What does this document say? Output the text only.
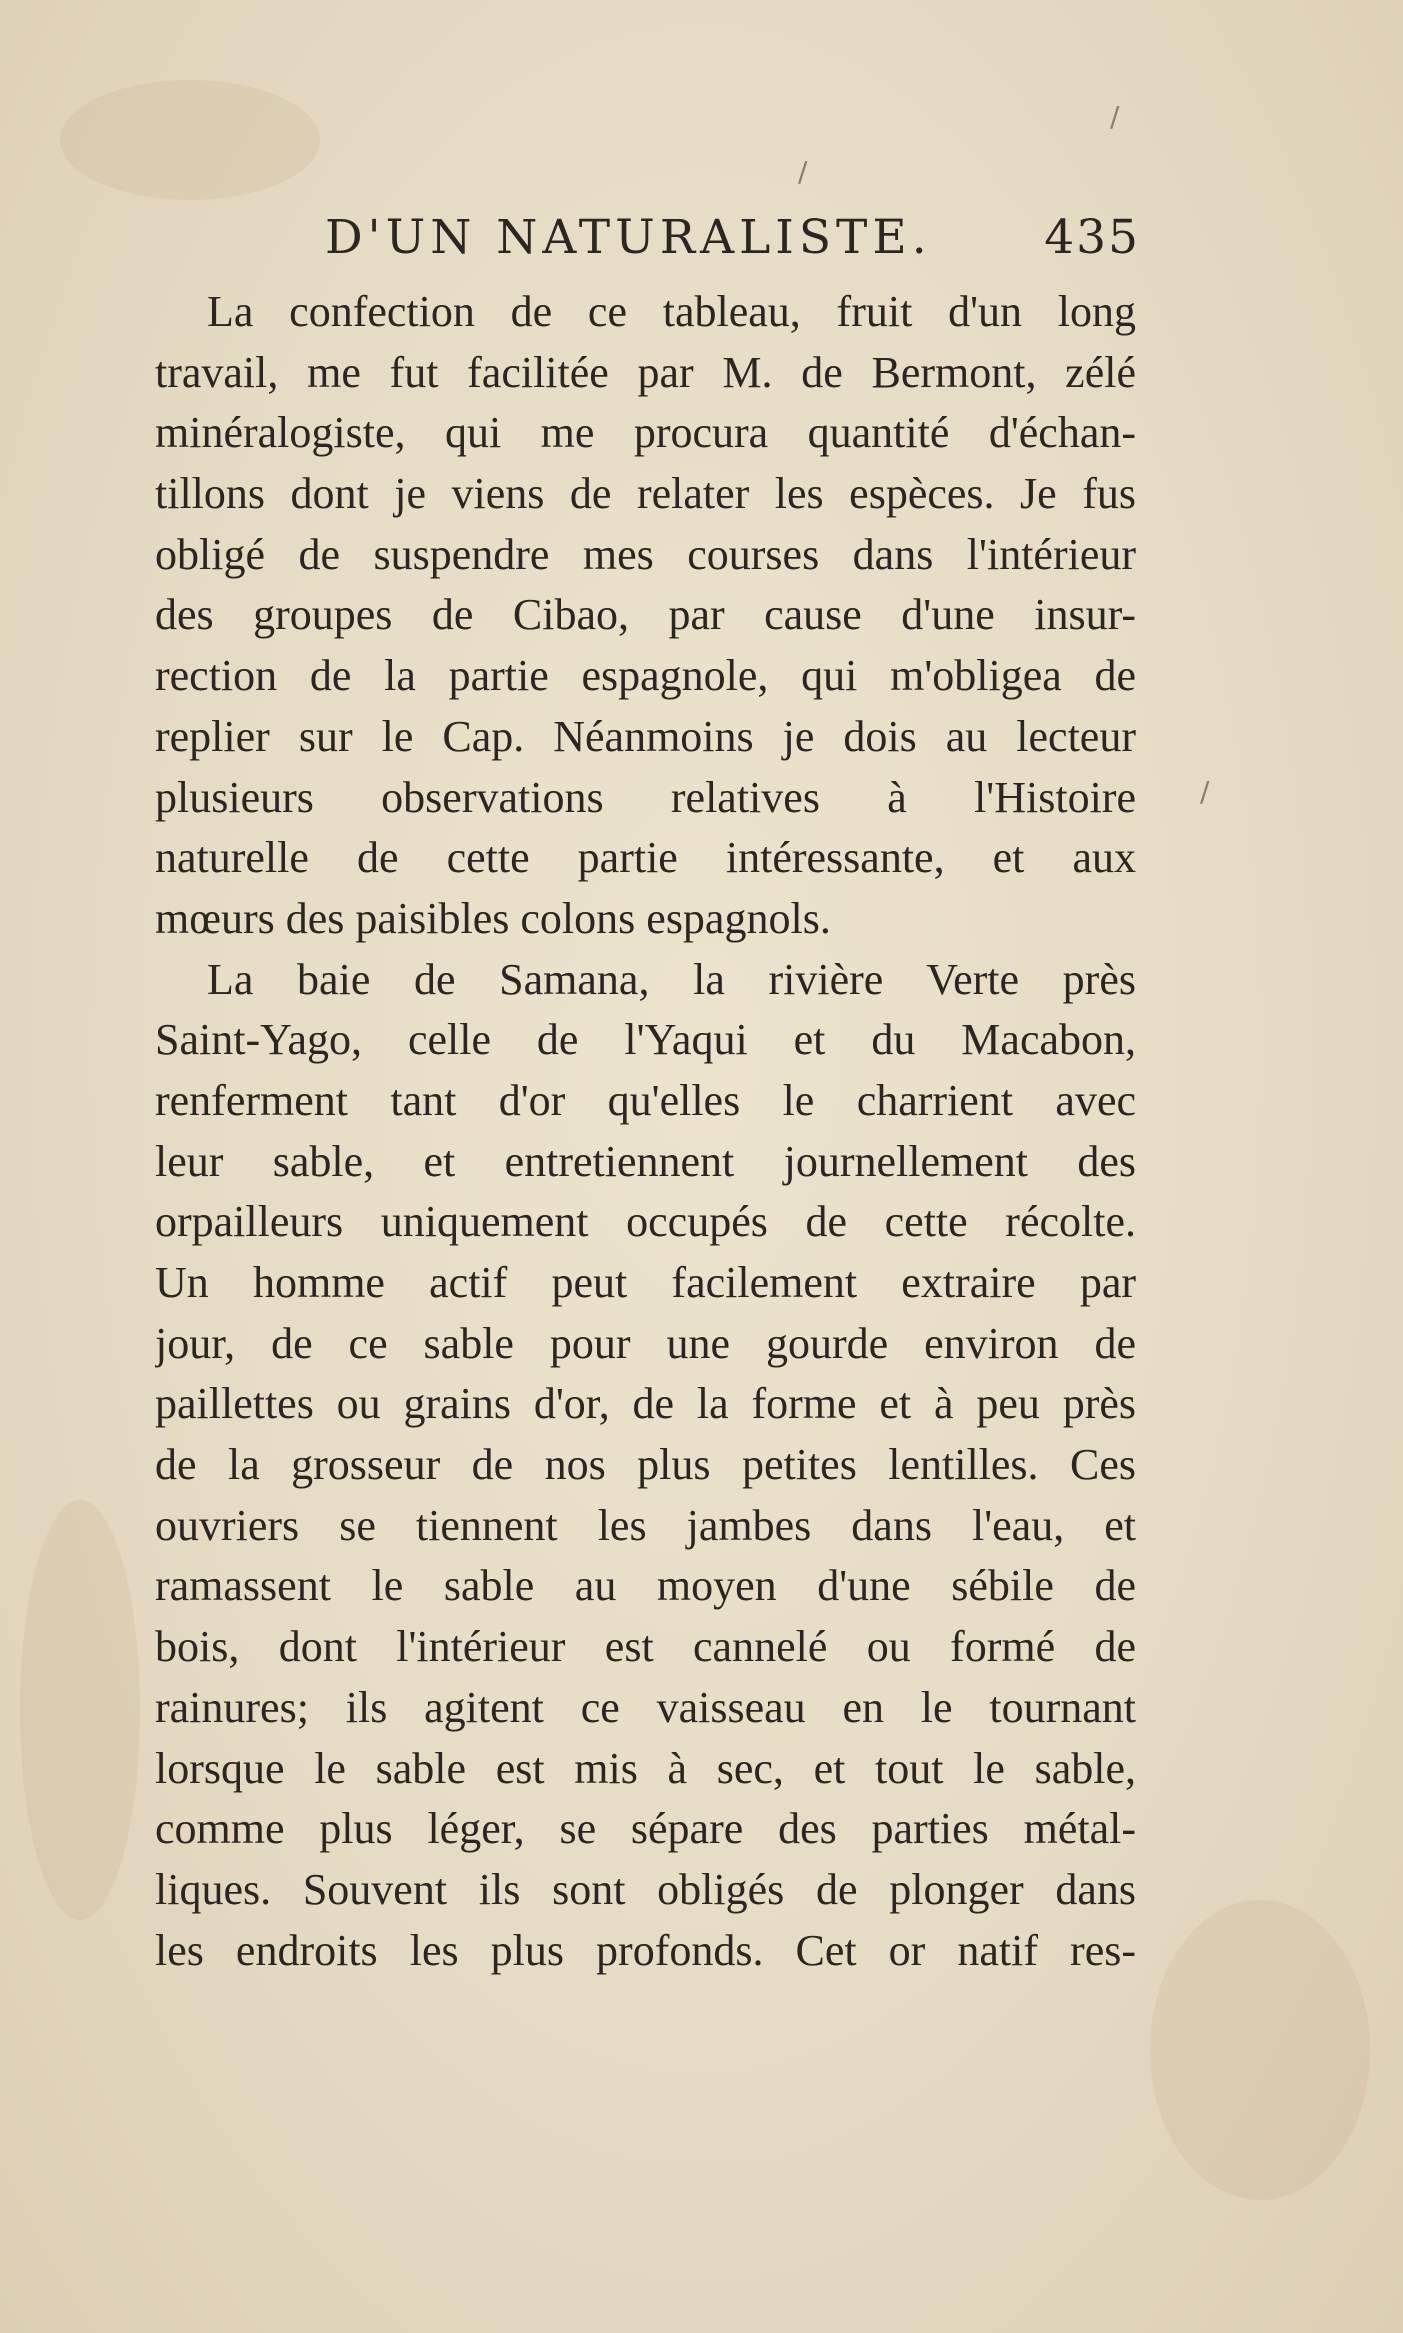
/
/
/
D'UN NATURALISTE. 435
La confection de ce tableau, fruit d'un long
travail, me fut facilitée par M. de Bermont, zélé
minéralogiste, qui me procura quantité d'échan-
tillons dont je viens de relater les espèces. Je fus
obligé de suspendre mes courses dans l'intérieur
des groupes de Cibao, par cause d'une insur-
rection de la partie espagnole, qui m'obligea de
replier sur le Cap. Néanmoins je dois au lecteur
plusieurs observations relatives à l'Histoire
naturelle de cette partie intéressante, et aux
mœurs des paisibles colons espagnols.
La baie de Samana, la rivière Verte près
Saint-Yago, celle de l'Yaqui et du Macabon,
renferment tant d'or qu'elles le charrient avec
leur sable, et entretiennent journellement des
orpailleurs uniquement occupés de cette récolte.
Un homme actif peut facilement extraire par
jour, de ce sable pour une gourde environ de
paillettes ou grains d'or, de la forme et à peu près
de la grosseur de nos plus petites lentilles. Ces
ouvriers se tiennent les jambes dans l'eau, et
ramassent le sable au moyen d'une sébile de
bois, dont l'intérieur est cannelé ou formé de
rainures; ils agitent ce vaisseau en le tournant
lorsque le sable est mis à sec, et tout le sable,
comme plus léger, se sépare des parties métal-
liques. Souvent ils sont obligés de plonger dans
les endroits les plus profonds. Cet or natif res-
